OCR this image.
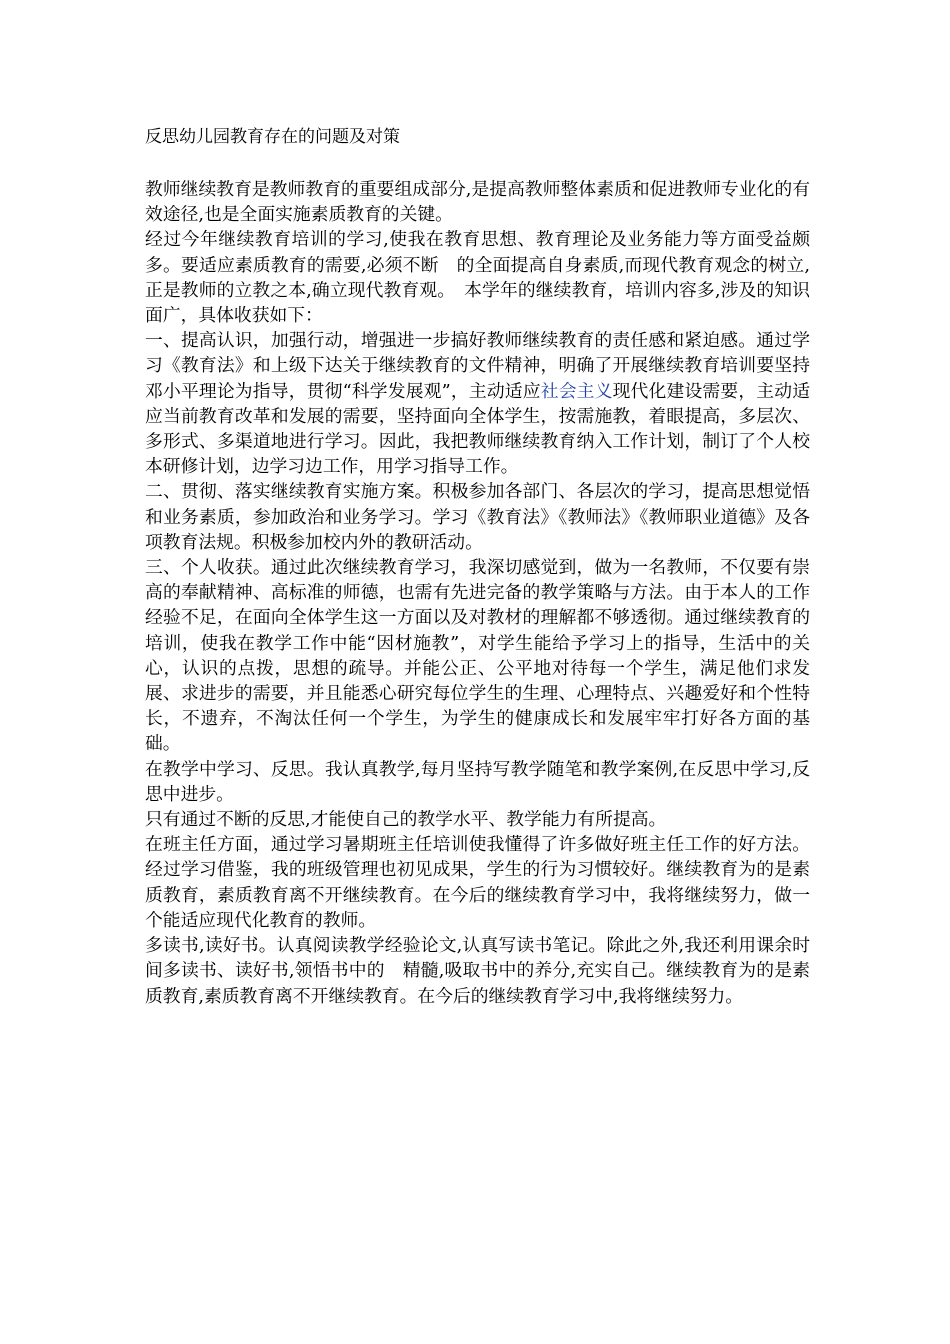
反思幼儿园教育存在的问题及对策

教师继续教育是教师教育的重要组成部分,是提高教师整体素质和促进教师专业化的有效途径,也是全面实施素质教育的关键。

经过今年继续教育培训的学习,使我在教育思想、教育理论及业务能力等方面受益颇多。要适应素质教育的需要,必须不断　的全面提高自身素质,而现代教育观念的树立,正是教师的立教之本,确立现代教育观。　本学年的继续教育，培训内容多,涉及的知识面广，具体收获如下：

一、提高认识，加强行动，增强进一步搞好教师继续教育的责任感和紧迫感。通过学习《教育法》和上级下达关于继续教育的文件精神，明确了开展继续教育培训要坚持邓小平理论为指导，贯彻“科学发展观”，主动适应社会主义现代化建设需要，主动适应当前教育改革和发展的需要，坚持面向全体学生，按需施教，着眼提高，多层次、多形式、多渠道地进行学习。因此，我把教师继续教育纳入工作计划，制订了个人校本研修计划，边学习边工作，用学习指导工作。

二、贯彻、落实继续教育实施方案。积极参加各部门、各层次的学习，提高思想觉悟和业务素质，参加政治和业务学习。学习《教育法》《教师法》《教师职业道德》及各项教育法规。积极参加校内外的教研活动。

三、个人收获。通过此次继续教育学习，我深切感觉到，做为一名教师，不仅要有崇高的奉献精神、高标准的师德，也需有先进完备的教学策略与方法。由于本人的工作经验不足，在面向全体学生这一方面以及对教材的理解都不够透彻。通过继续教育的培训，使我在教学工作中能“因材施教”，对学生能给予学习上的指导，生活中的关心，认识的点拨，思想的疏导。并能公正、公平地对待每一个学生，满足他们求发展、求进步的需要，并且能悉心研究每位学生的生理、心理特点、兴趣爱好和个性特长，不遗弃，不淘汰任何一个学生，为学生的健康成长和发展牢牢打好各方面的基础。

在教学中学习、反思。我认真教学,每月坚持写教学随笔和教学案例,在反思中学习,反思中进步。

只有通过不断的反思,才能使自己的教学水平、教学能力有所提高。

在班主任方面，通过学习暑期班主任培训使我懂得了许多做好班主任工作的好方法。经过学习借鉴，我的班级管理也初见成果，学生的行为习惯较好。继续教育为的是素质教育，素质教育离不开继续教育。在今后的继续教育学习中，我将继续努力，做一个能适应现代化教育的教师。

多读书,读好书。认真阅读教学经验论文,认真写读书笔记。除此之外,我还利用课余时间多读书、读好书,领悟书中的　精髓,吸取书中的养分,充实自己。继续教育为的是素质教育,素质教育离不开继续教育。在今后的继续教育学习中,我将继续努力。
